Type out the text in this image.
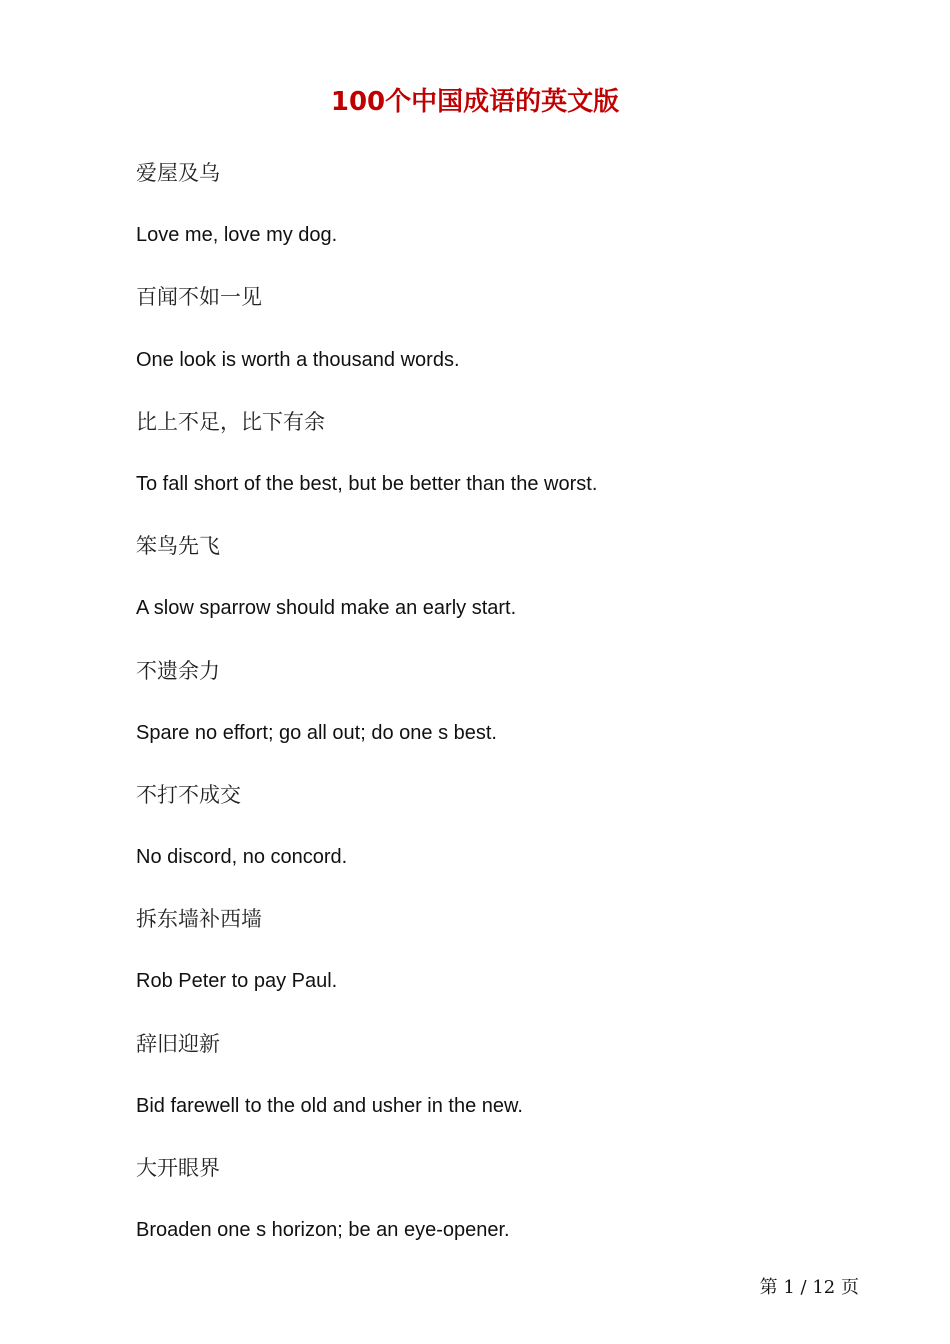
100个中国成语的英文版
爱屋及乌
Love me, love my dog.
百闻不如一见
One look is worth a thousand words.
比上不足，比下有余
To fall short of the best, but be better than the worst.
笨鸟先飞
A slow sparrow should make an early start.
不遗余力
Spare no effort; go all out; do one s best.
不打不成交
No discord, no concord.
拆东墙补西墙
Rob Peter to pay Paul.
辞旧迎新
Bid farewell to the old and usher in the new.
大开眼界
Broaden one s horizon; be an eye-opener.
第 1 / 12 页
